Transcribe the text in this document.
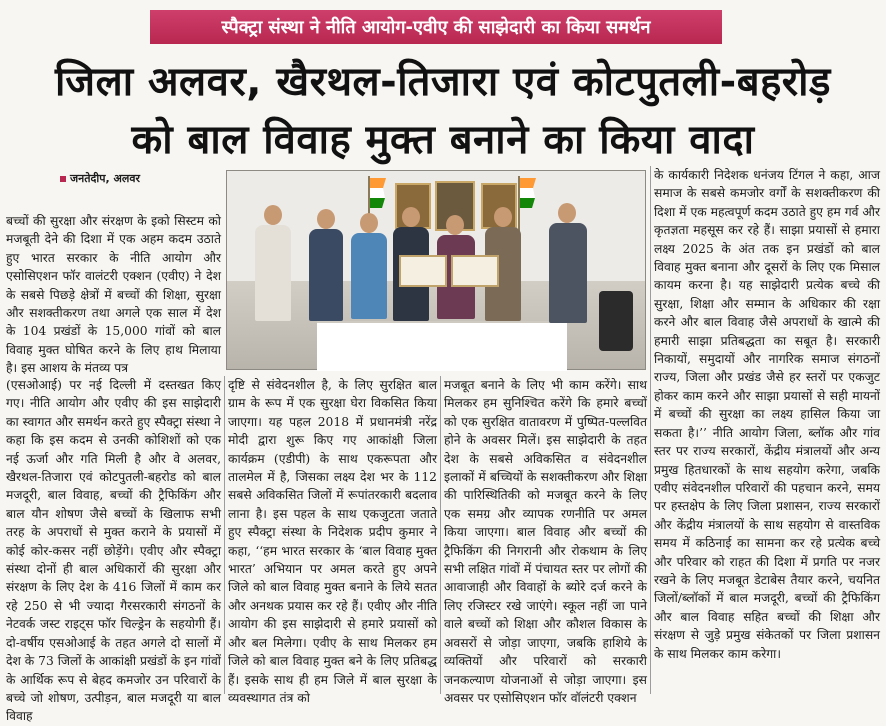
स्पैक्ट्रा संस्था ने नीति आयोग-एवीए की साझेदारी का किया समर्थन
जिला अलवर, खैरथल-तिजारा एवं कोटपुतली-बहरोड़
को बाल विवाह मुक्त बनाने का किया वादा
जनतेदीप, अलवर

बच्चों की सुरक्षा और संरक्षण के इको सिस्टम को मजबूती देने की दिशा में एक अहम कदम उठाते हुए भारत सरकार के नीति आयोग और एसोसिएशन फॉर वालंटरी एक्शन (एवीए) ने देश के सबसे पिछड़े क्षेत्रों में बच्चों की शिक्षा, सुरक्षा और सशक्तीकरण तथा अगले एक साल में देश के 104 प्रखंडों के 15,000 गांवों को बाल विवाह मुक्त घोषित करने के लिए हाथ मिलाया है। इस आशय के मंतव्य पत्र

(एसओआई) पर नई दिल्ली में दस्तखत किए गए। नीति आयोग और एवीए की इस साझेदारी का स्वागत और समर्थन करते हुए स्पैक्ट्रा संस्था ने कहा कि इस कदम से उनकी कोशिशों को एक नई ऊर्जा और गति मिली है और वे अलवर, खैरथल-तिजारा एवं कोटपुतली-बहरोड को बाल मजदूरी, बाल विवाह, बच्चों की ट्रैफिकिंग और बाल यौन शोषण जैसे बच्चों के खिलाफ सभी तरह के अपराधों से मुक्त कराने के प्रयासों में कोई कोर-कसर नहीं छोड़ेंगे। एवीए और स्पैक्ट्रा संस्था दोनों ही बाल अधिकारों की सुरक्षा और संरक्षण के लिए देश के 416 जिलों में काम कर रहे 250 से भी ज्यादा गैरसरकारी संगठनों के नेटवर्क जस्ट राइट्स फॉर चिल्ड्रेन के सहयोगी हैं। दो-वर्षीय एसओआई के तहत अगले दो सालों में देश के 73 जिलों के आकांक्षी प्रखंडों के इन गांवों के आर्थिक रूप से बेहद कमजोर उन परिवारों के बच्चे जो शोषण, उत्पीड़न, बाल मजदूरी या बाल विवाह

दृष्टि से संवेदनशील है, के लिए सुरक्षित बाल ग्राम के रूप में एक सुरक्षा घेरा विकसित किया जाएगा। यह पहल 2018 में प्रधानमंत्री नरेंद्र मोदी द्वारा शुरू किए गए आकांक्षी जिला कार्यक्रम (एडीपी) के साथ एकरूपता और तालमेल में है, जिसका लक्ष्य देश भर के 112 सबसे अविकसित जिलों में रूपांतरकारी बदलाव लाना है। इस पहल के साथ एकजुटता जताते हुए स्पैक्ट्रा संस्था के निदेशक प्रदीप कुमार ने कहा, ‘‘हम भारत सरकार के ‘बाल विवाह मुक्त भारत’ अभियान पर अमल करते हुए अपने जिले को बाल विवाह मुक्त बनाने के लिये सतत और अनथक प्रयास कर रहे हैं। एवीए और नीति आयोग की इस साझेदारी से हमारे प्रयासों को और बल मिलेगा। एवीए के साथ मिलकर हम जिले को बाल विवाह मुक्त बने के लिए प्रतिबद्ध हैं। इसके साथ ही हम जिले में बाल सुरक्षा के व्यवस्थागत तंत्र को

मजबूत बनाने के लिए भी काम करेंगे। साथ मिलकर हम सुनिश्चित करेंगे कि हमारे बच्चों को एक सुरक्षित वातावरण में पुष्पित-पल्लवित होने के अवसर मिलें। इस साझेदारी के तहत देश के सबसे अविकसित व संवेदनशील इलाकों में बच्चियों के सशक्तीकरण और शिक्षा की पारिस्थितिकी को मजबूत करने के लिए एक समग्र और व्यापक रणनीति पर अमल किया जाएगा। बाल विवाह और बच्चों की ट्रैफिकिंग की निगरानी और रोकथाम के लिए सभी लक्षित गांवों में पंचायत स्तर पर लोगों की आवाजाही और विवाहों के ब्योरे दर्ज करने के लिए रजिस्टर रखे जाएंगे। स्कूल नहीं जा पाने वाले बच्चों को शिक्षा और कौशल विकास के अवसरों से जोड़ा जाएगा, जबकि हाशिये के व्यक्तियों और परिवारों को सरकारी जनकल्याण योजनाओं से जोड़ा जाएगा। इस अवसर पर एसोसिएशन फॉर वॉलंटरी एक्शन

के कार्यकारी निदेशक धनंजय टिंगल ने कहा, आज समाज के सबसे कमजोर वर्गों के सशक्तीकरण की दिशा में एक महत्वपूर्ण कदम उठाते हुए हम गर्व और कृतज्ञता महसूस कर रहे हैं। साझा प्रयासों से हमारा लक्ष्य 2025 के अंत तक इन प्रखंडों को बाल विवाह मुक्त बनाना और दूसरों के लिए एक मिसाल कायम करना है। यह साझेदारी प्रत्येक बच्चे की सुरक्षा, शिक्षा और सम्मान के अधिकार की रक्षा करने और बाल विवाह जैसे अपराधों के खात्मे की हमारी साझा प्रतिबद्धता का सबूत है। सरकारी निकायों, समुदायों और नागरिक समाज संगठनों राज्य, जिला और प्रखंड जैसे हर स्तरों पर एकजुट होकर काम करने और साझा प्रयासों से सही मायनों में बच्चों की सुरक्षा का लक्ष्य हासिल किया जा सकता है।’’ नीति आयोग जिला, ब्लॉक और गांव स्तर पर राज्य सरकारों, केंद्रीय मंत्रालयों और अन्य प्रमुख हितधारकों के साथ सहयोग करेगा, जबकि एवीए संवेदनशील परिवारों की पहचान करने, समय पर हस्तक्षेप के लिए जिला प्रशासन, राज्य सरकारों और केंद्रीय मंत्रालयों के साथ सहयोग से वास्तविक समय में कठिनाई का सामना कर रहे प्रत्येक बच्चे और परिवार को राहत की दिशा में प्रगति पर नजर रखने के लिए मजबूत डेटाबेस तैयार करने, चयनित जिलों/ब्लॉकों में बाल मजदूरी, बच्चों की ट्रैफिकिंग और बाल विवाह सहित बच्चों की शिक्षा और संरक्षण से जुड़े प्रमुख संकेतकों पर जिला प्रशासन के साथ मिलकर काम करेगा।
